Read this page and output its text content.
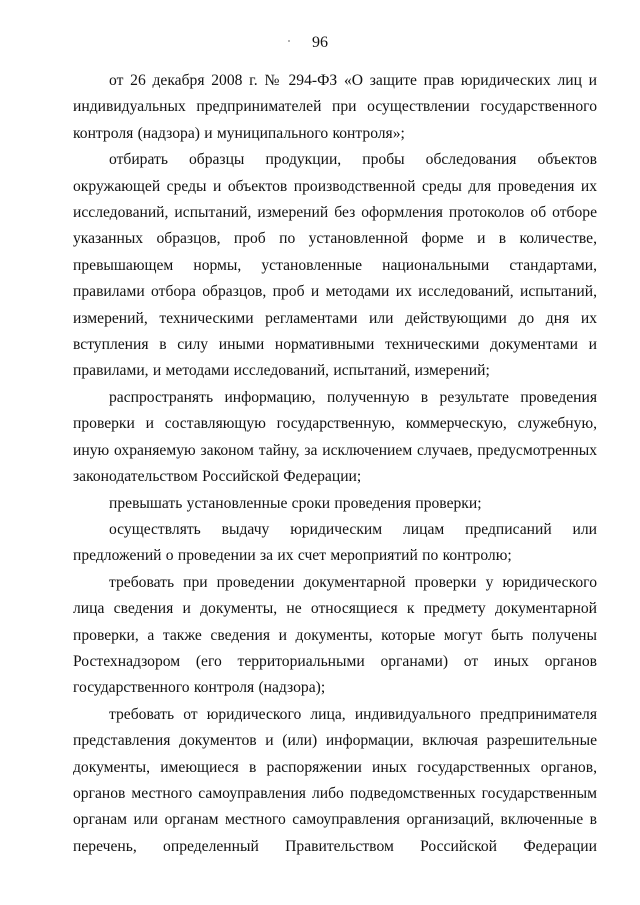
96

от 26 декабря 2008 г. № 294-ФЗ «О защите прав юридических лиц и индивидуальных предпринимателей при осуществлении государственного контроля (надзора) и муниципального контроля»;

отбирать образцы продукции, пробы обследования объектов окружающей среды и объектов производственной среды для проведения их исследований, испытаний, измерений без оформления протоколов об отборе указанных образцов, проб по установленной форме и в количестве, превышающем нормы, установленные национальными стандартами, правилами отбора образцов, проб и методами их исследований, испытаний, измерений, техническими регламентами или действующими до дня их вступления в силу иными нормативными техническими документами и правилами, и методами исследований, испытаний, измерений;

распространять информацию, полученную в результате проведения проверки и составляющую государственную, коммерческую, служебную, иную охраняемую законом тайну, за исключением случаев, предусмотренных законодательством Российской Федерации;

превышать установленные сроки проведения проверки;

осуществлять выдачу юридическим лицам предписаний или предложений о проведении за их счет мероприятий по контролю;

требовать при проведении документарной проверки у юридического лица сведения и документы, не относящиеся к предмету документарной проверки, а также сведения и документы, которые могут быть получены Ростехнадзором (его территориальными органами) от иных органов государственного контроля (надзора);

требовать от юридического лица, индивидуального предпринимателя представления документов и (или) информации, включая разрешительные документы, имеющиеся в распоряжении иных государственных органов, органов местного самоуправления либо подведомственных государственным органам или органам местного самоуправления организаций, включенные в перечень, определенный Правительством Российской Федерации
